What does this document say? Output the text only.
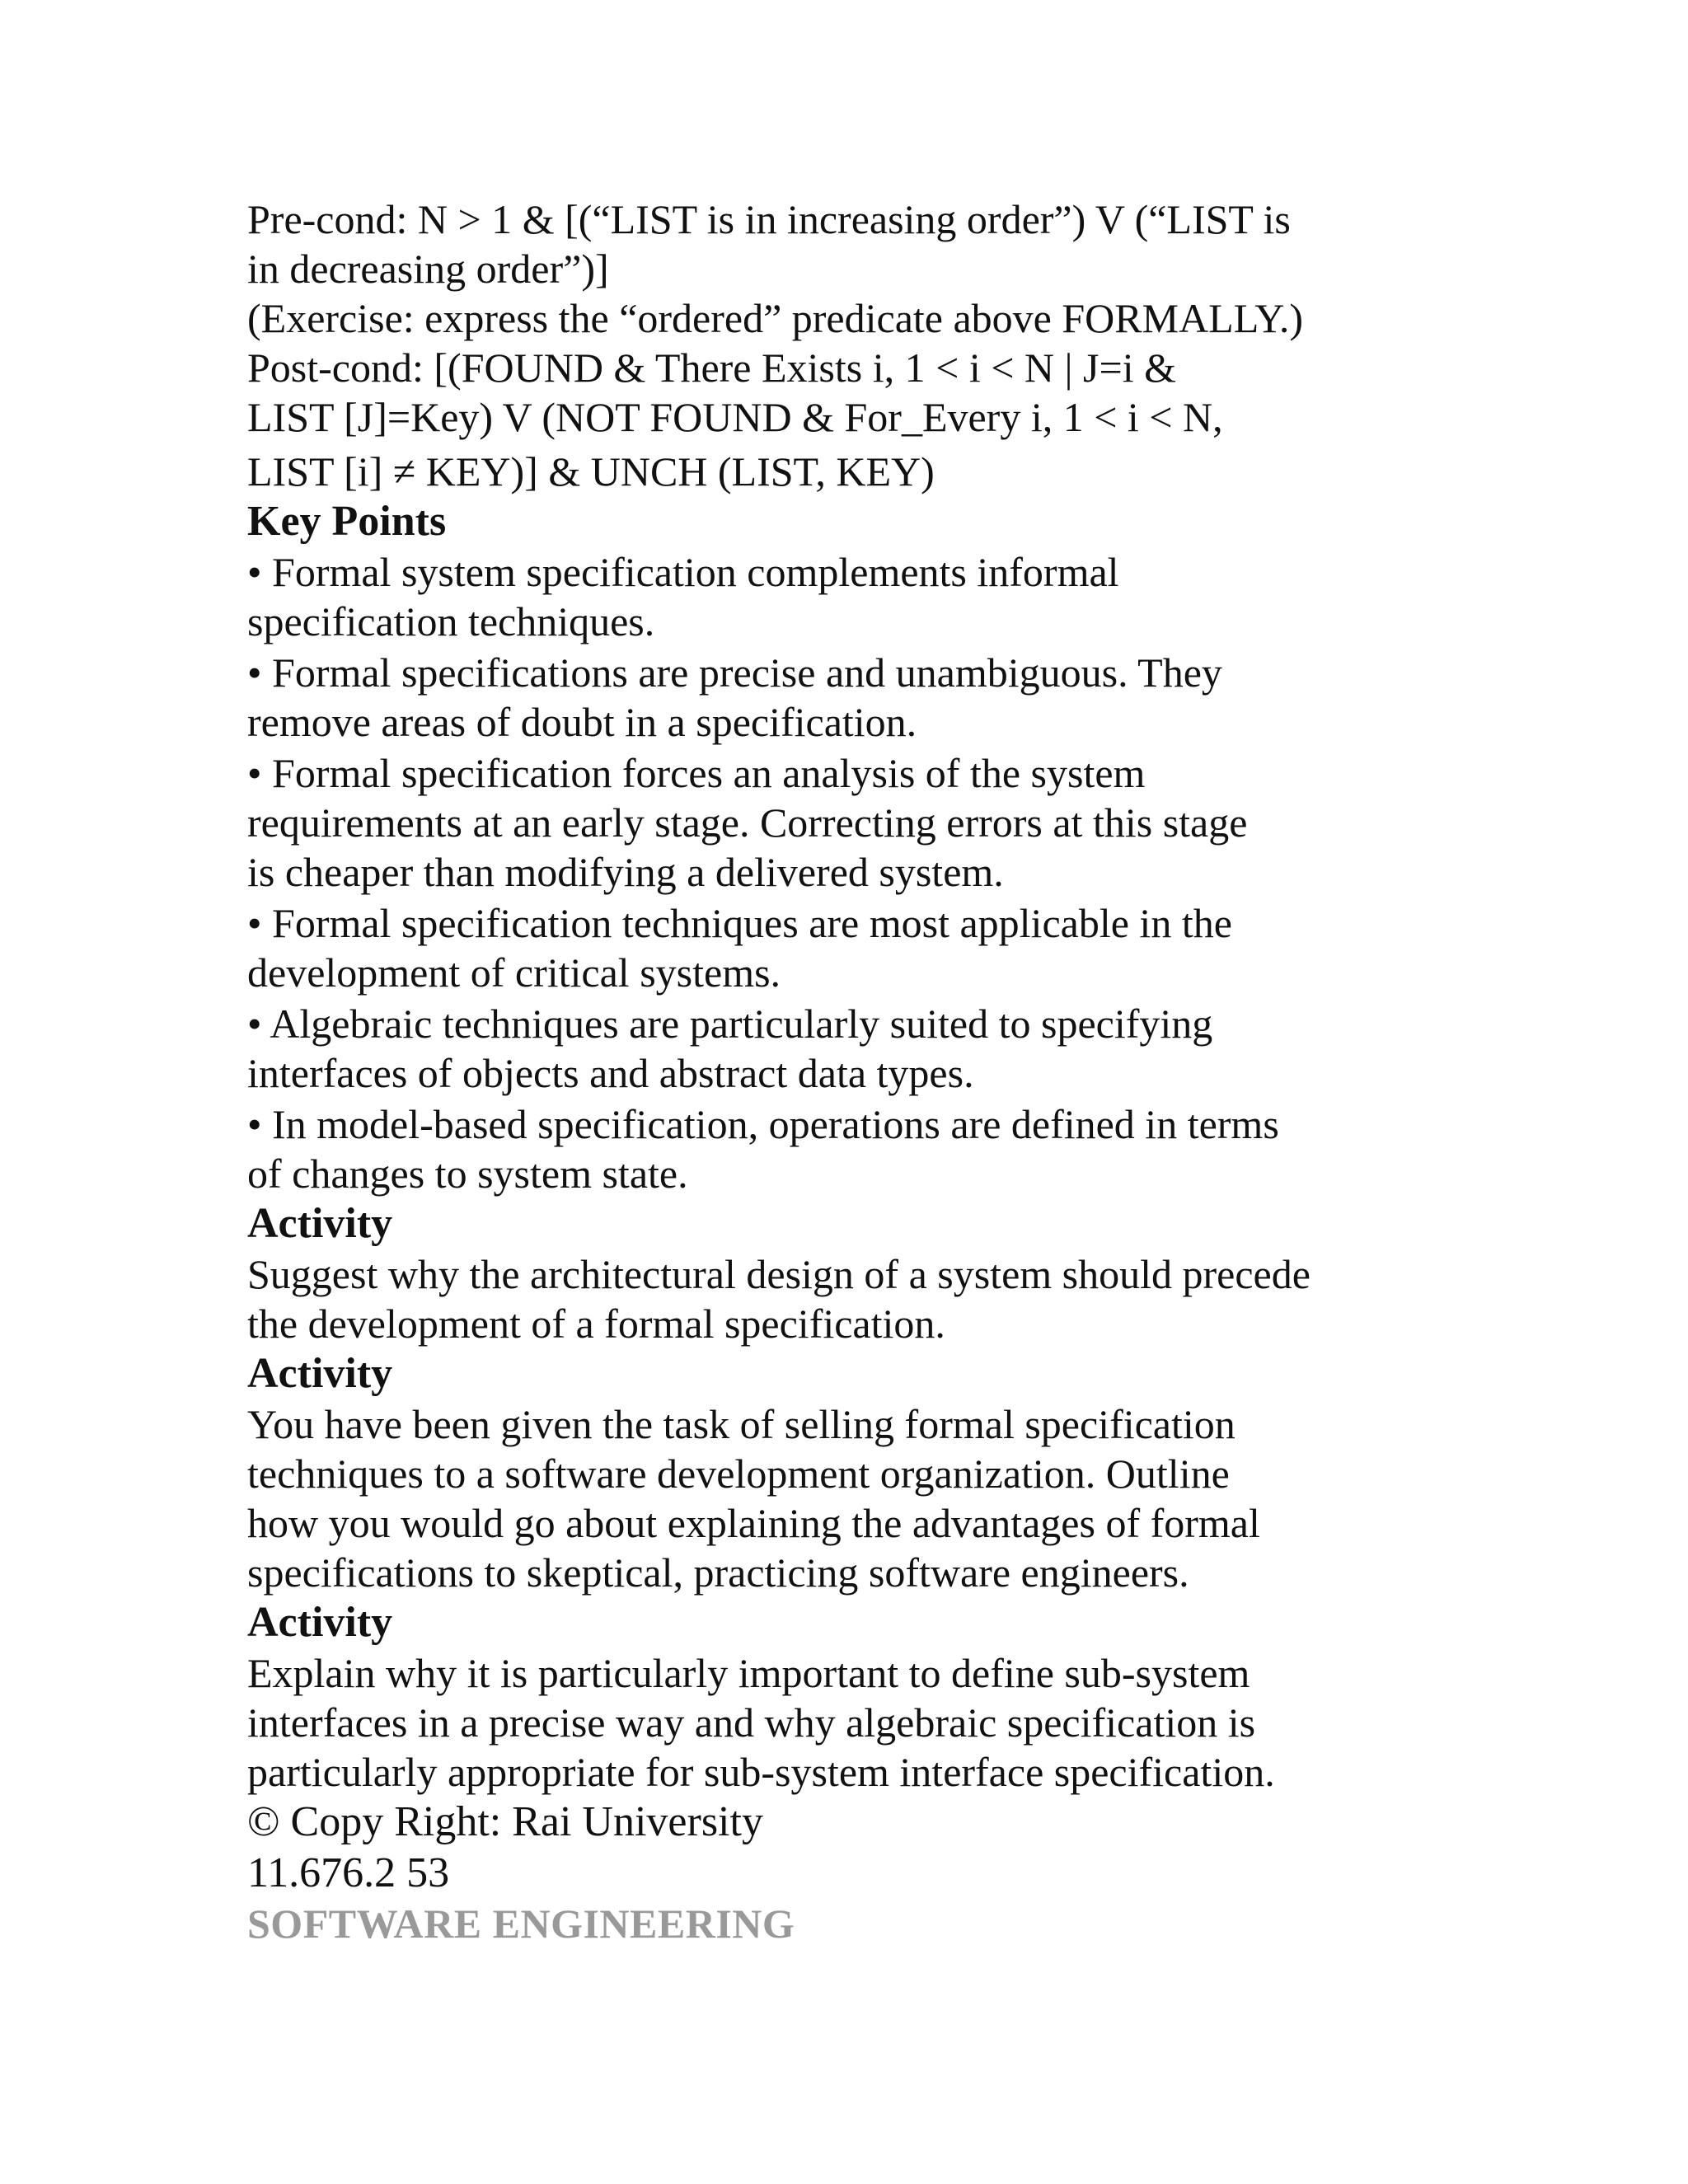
Pre-cond: N > 1 & [(“LIST is in increasing order”) V (“LIST is

in decreasing order”)]

(Exercise: express the “ordered” predicate above FORMALLY.)

Post-cond: [(FOUND & There Exists i, 1 < i < N | J=i &

LIST [J]=Key) V (NOT FOUND & For_Every i, 1 < i < N,

LIST [i] ≠ KEY)] & UNCH (LIST, KEY)

Key Points

• Formal system specification complements informal

specification techniques.

• Formal specifications are precise and unambiguous. They

remove areas of doubt in a specification.

• Formal specification forces an analysis of the system

requirements at an early stage. Correcting errors at this stage

is cheaper than modifying a delivered system.

• Formal specification techniques are most applicable in the

development of critical systems.

• Algebraic techniques are particularly suited to specifying

interfaces of objects and abstract data types.

• In model-based specification, operations are defined in terms

of changes to system state.

Activity

Suggest why the architectural design of a system should precede

the development of a formal specification.

Activity

You have been given the task of selling formal specification

techniques to a software development organization. Outline

how you would go about explaining the advantages of formal

specifications to skeptical, practicing software engineers.

Activity

Explain why it is particularly important to define sub-system

interfaces in a precise way and why algebraic specification is

particularly appropriate for sub-system interface specification.

© Copy Right: Rai University

11.676.2 53

SOFTWARE ENGINEERING
